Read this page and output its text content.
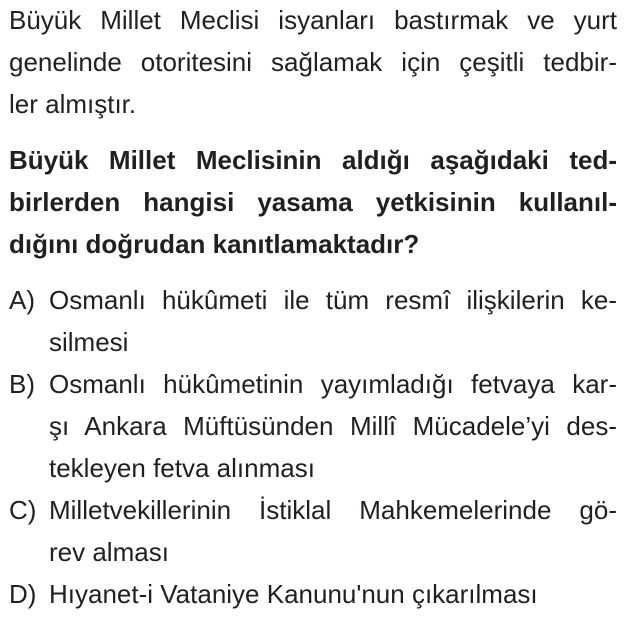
Büyük Millet Meclisi isyanları bastırmak ve yurt
genelinde otoritesini sağlamak için çeşitli tedbir-
ler almıştır.
Büyük Millet Meclisinin aldığı aşağıdaki ted-
birlerden hangisi yasama yetkisinin kullanıl-
dığını doğrudan kanıtlamaktadır?
A) Osmanlı hükûmeti ile tüm resmî ilişkilerin ke-
silmesi
B) Osmanlı hükûmetinin yayımladığı fetvaya kar-
şı Ankara Müftüsünden Millî Mücadele’yi des-
tekleyen fetva alınması
C) Milletvekillerinin İstiklal Mahkemelerinde gö-
rev alması
D) Hıyanet-i Vataniye Kanunu'nun çıkarılması
